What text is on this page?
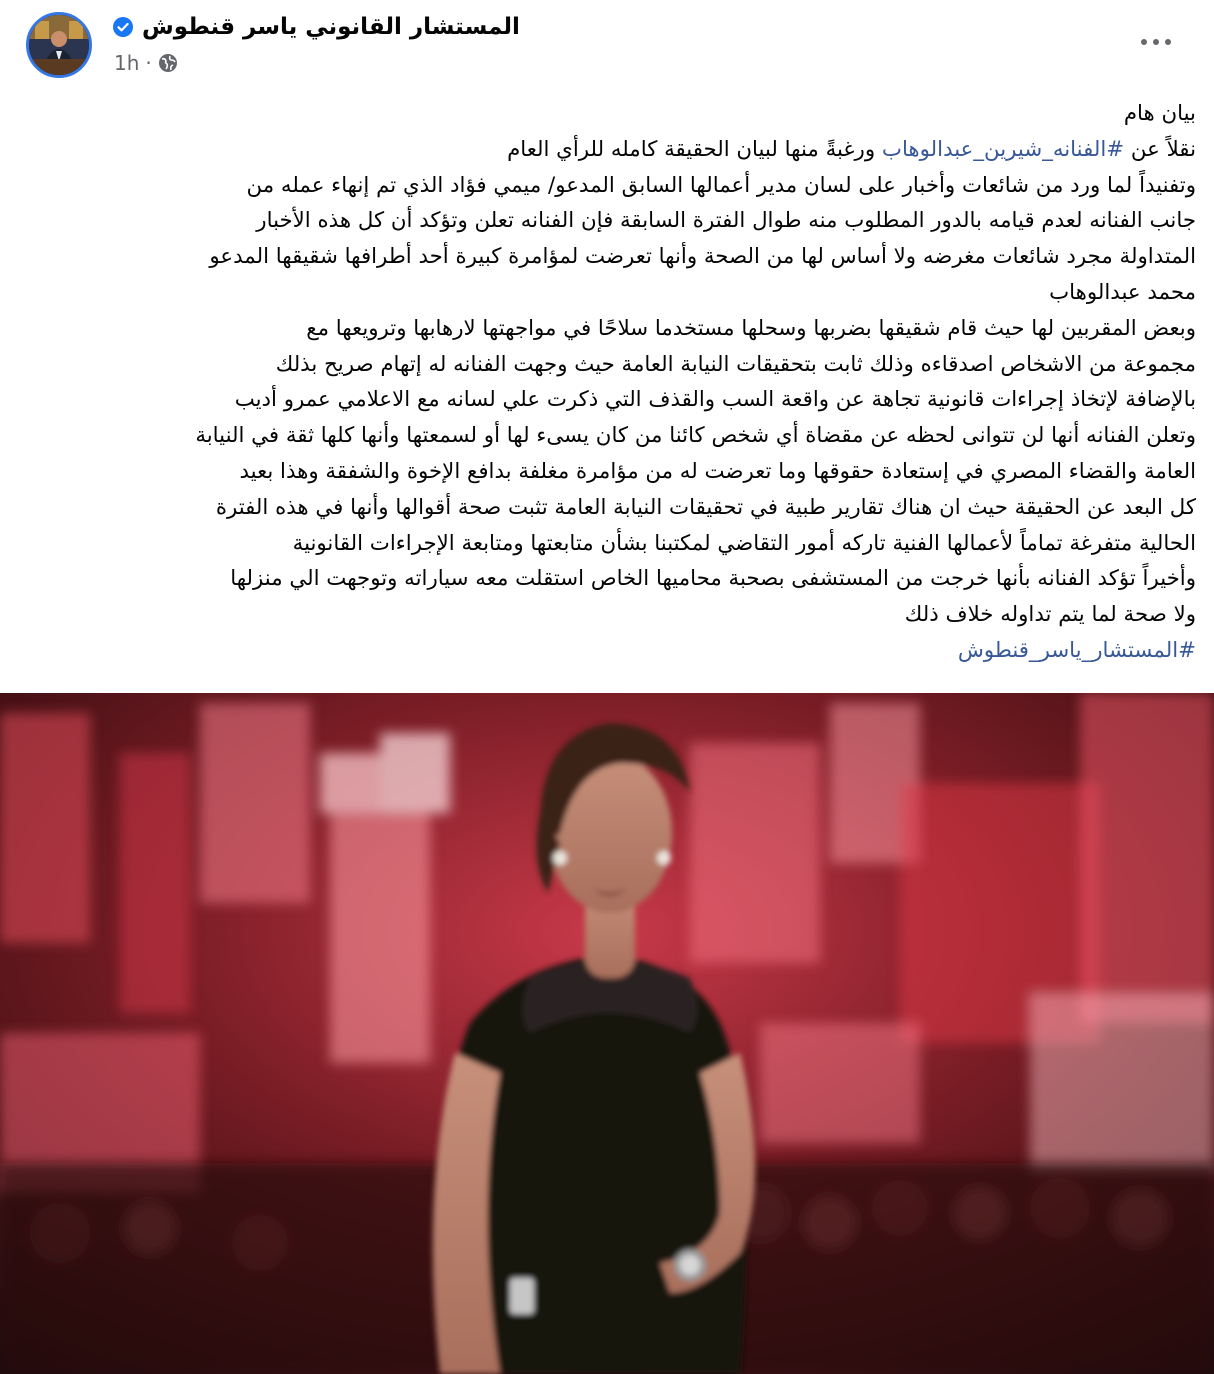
المستشار القانوني ياسر قنطوش
1h ·
بيان هام
نقلاً عن #الفنانه_شيرين_عبدالوهاب ورغبةً منها لبيان الحقيقة كامله للرأي العام
وتفنيداً لما ورد من شائعات وأخبار على لسان مدير أعمالها السابق المدعو/ ميمي فؤاد الذي تم إنهاء عمله من
جانب الفنانه لعدم قيامه بالدور المطلوب منه طوال الفترة السابقة فإن الفنانه تعلن وتؤكد أن كل هذه الأخبار
المتداولة مجرد شائعات مغرضه ولا أساس لها من الصحة وأنها تعرضت لمؤامرة كبيرة أحد أطرافها شقيقها المدعو
محمد عبدالوهاب
وبعض المقربين لها حيث قام شقيقها بضربها وسحلها مستخدما سلاحًا في مواجهتها لارهابها وترويعها مع
مجموعة من الاشخاص اصدقاءه وذلك ثابت بتحقيقات النيابة العامة حيث وجهت الفنانه له إتهام صريح بذلك
بالإضافة لإتخاذ إجراءات قانونية تجاهة عن واقعة السب والقذف التي ذكرت علي لسانه مع الاعلامي عمرو أديب
وتعلن الفنانه أنها لن تتوانى لحظه عن مقضاة أي شخص كائنا من كان يسىء لها أو لسمعتها وأنها كلها ثقة في النيابة
العامة والقضاء المصري في إستعادة حقوقها وما تعرضت له من مؤامرة مغلفة بدافع الإخوة والشفقة وهذا بعيد
كل البعد عن الحقيقة حيث ان هناك تقارير طبية في تحقيقات النيابة العامة تثبت صحة أقوالها وأنها في هذه الفترة
الحالية متفرغة تماماً لأعمالها الفنية تاركه أمور التقاضي لمكتبنا بشأن متابعتها ومتابعة الإجراءات القانونية
وأخيراً تؤكد الفنانه بأنها خرجت من المستشفى بصحبة محاميها الخاص استقلت معه سياراته وتوجهت الي منزلها
ولا صحة لما يتم تداوله خلاف ذلك
#المستشار_ياسر_قنطوش
